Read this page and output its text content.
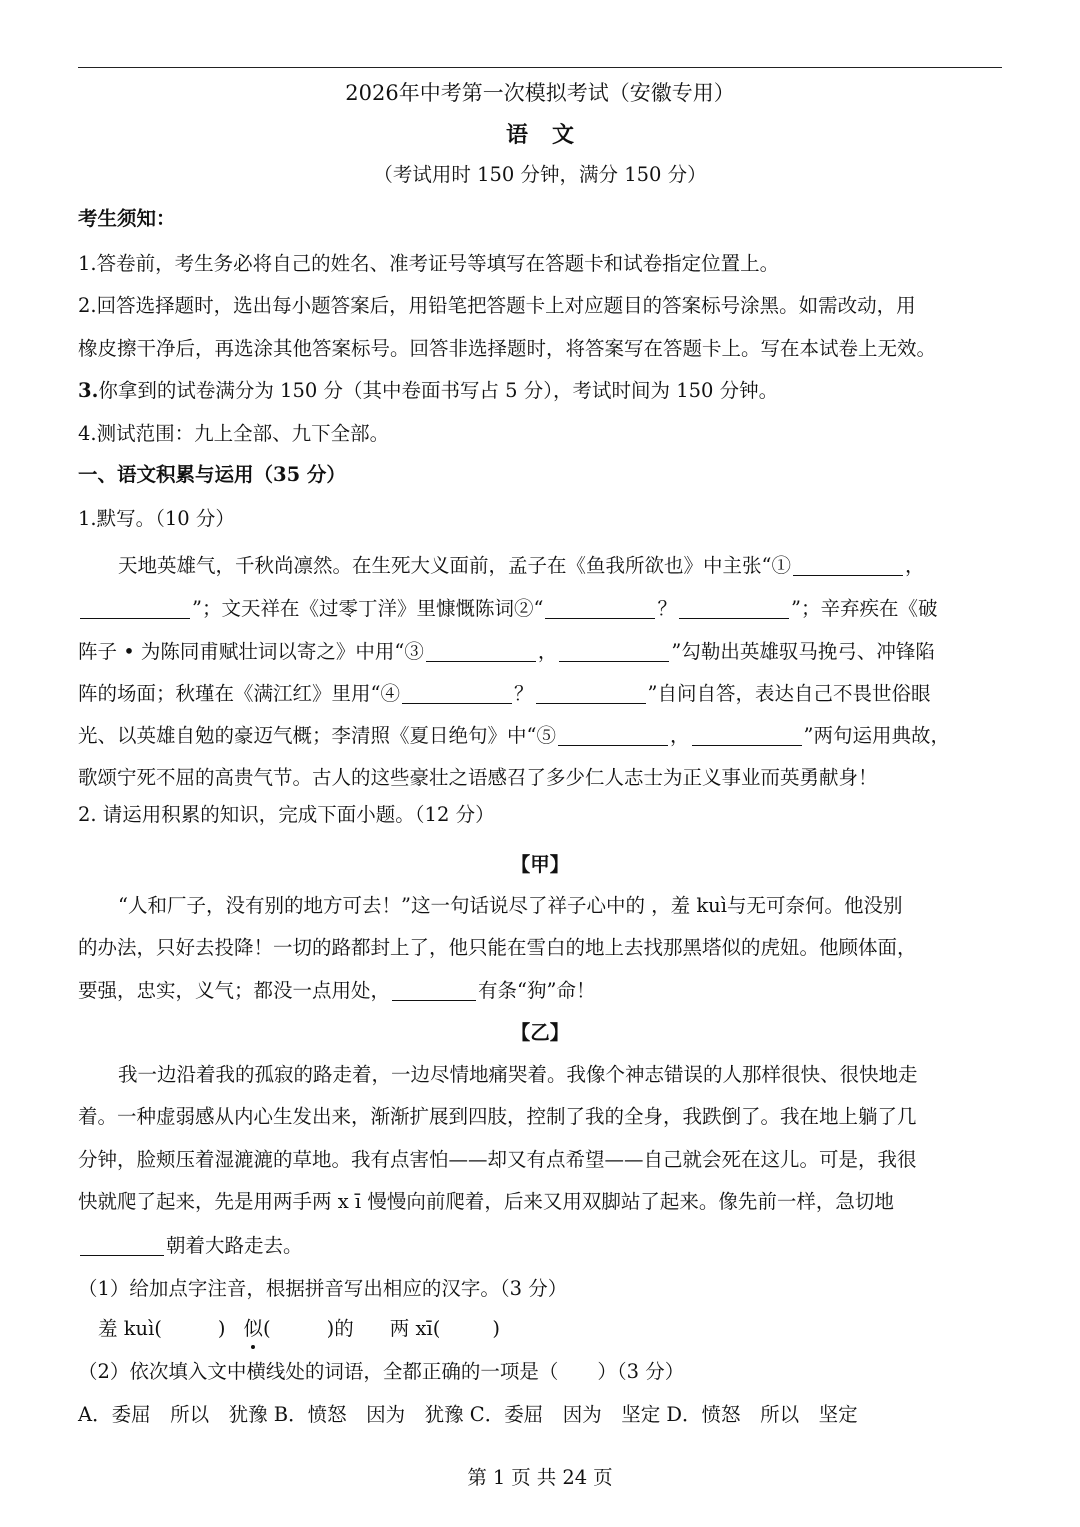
2026年中考第一次模拟考试（安徽专用）
语文
（考试用时 150 分钟，满分 150 分）
考生须知：
1.答卷前，考生务必将自己的姓名、准考证号等填写在答题卡和试卷指定位置上。
2.回答选择题时，选出每小题答案后，用铅笔把答题卡上对应题目的答案标号涂黑。如需改动，用
橡皮擦干净后，再选涂其他答案标号。回答非选择题时，将答案写在答题卡上。写在本试卷上无效。
3.你拿到的试卷满分为 150 分（其中卷面书写占 5 分），考试时间为 150 分钟。
4.测试范围：九上全部、九下全部。
一、语文积累与运用（35 分）
1.默写。（10 分）
天地英雄气，千秋尚凛然。在生死大义面前，孟子在《鱼我所欲也》中主张“①	，
”；文天祥在《过零丁洋》里慷慨陈词②“	？	”；辛弃疾在《破
阵子 • 为陈同甫赋壮词以寄之》中用“③	，	”勾勒出英雄驭马挽弓、冲锋陷
阵的场面；秋瑾在《满江红》里用“④	？	”自问自答，表达自己不畏世俗眼
光、以英雄自勉的豪迈气概；李清照《夏日绝句》中“⑤	，	”两句运用典故，
歌颂宁死不屈的高贵气节。古人的这些豪壮之语感召了多少仁人志士为正义事业而英勇献身！
2. 请运用积累的知识，完成下面小题。（12 分）
【甲】
“人和厂子，没有别的地方可去！”这一句话说尽了祥子心中的 ，羞 kuì与无可奈何。他没别
的办法，只好去投降！一切的路都封上了，他只能在雪白的地上去找那黑塔似的虎妞。他顾体面，
要强，忠实，义气；都没一点用处，	有条“狗”命！
【乙】
我一边沿着我的孤寂的路走着，一边尽情地痛哭着。我像个神志错误的人那样很快、很快地走
着。一种虚弱感从内心生发出来，渐渐扩展到四肢，控制了我的全身，我跌倒了。我在地上躺了几
分钟，脸颊压着湿漉漉的草地。我有点害怕——却又有点希望——自己就会死在这儿。可是，我很
快就爬了起来，先是用两手两 x ī 慢慢向前爬着，后来又用双脚站了起来。像先前一样，急切地
朝着大路走去。
（1）给加点字注音，根据拼音写出相应的汉字。（3 分）
羞 kuì(	) 似(	)的 两 xī(	)
（2）依次填入文中横线处的词语，全都正确的一项是（　　）（3 分）
A．委屈　所以　犹豫 B．愤怒　因为　犹豫 C．委屈　因为　坚定 D．愤怒　所以　坚定
第 1 页 共 24 页
